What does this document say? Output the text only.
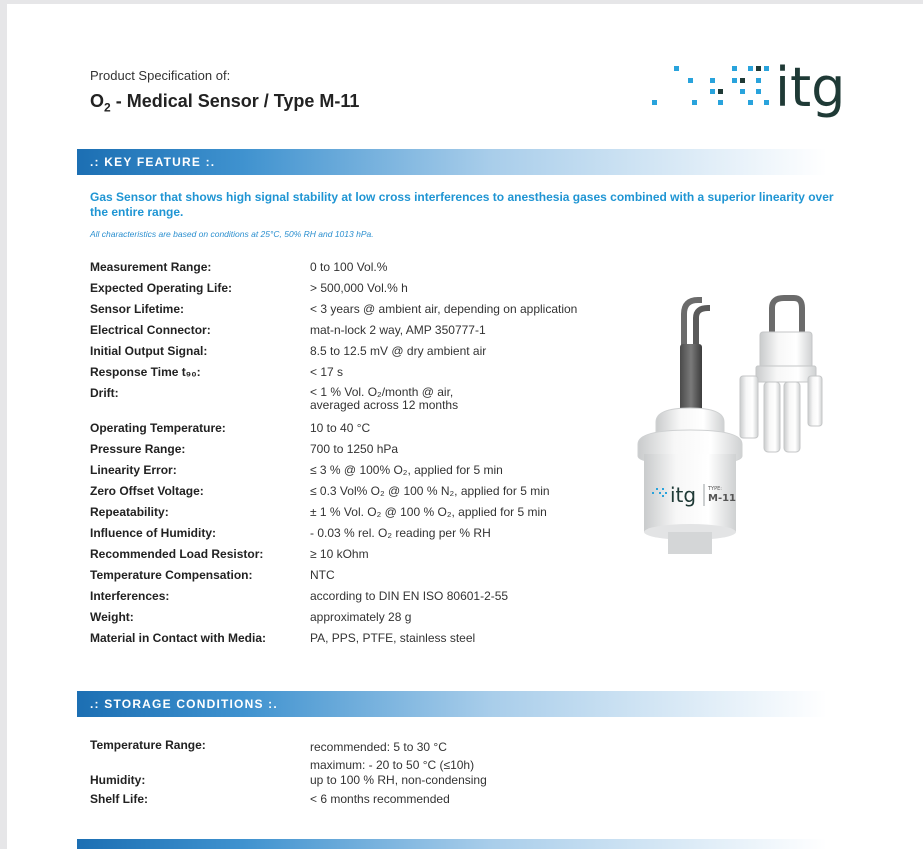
Product Specification of:
$O_2$ - Medical Sensor / Type M-11	itg
.: KEY FEATURE :.
Gas Sensor that shows high signal stability at low cross interferences to anesthesia gases combined with a superior linearity over the entire range.
All characteristics are based on conditions at 25°C, 50% RH and 1013 hPa.
Measurement Range:	0 to 100 Vol.%
Expected Operating Life:	> 500,000 Vol.% h
Sensor Lifetime:	< 3 years @ ambient air, depending on application
Electrical Connector:	mat-n-lock 2 way, AMP 350777-1
Initial Output Signal:	8.5 to 12.5 mV @ dry ambient air
Response Time t₉₀:	< 17 s
Drift:	< 1 % Vol. O₂/month @ air,
averaged across 12 months
Operating Temperature:	10 to 40 °C
Pressure Range:	700 to 1250 hPa
Linearity Error:	≤ 3 % @ 100% O₂, applied for 5 min
Zero Offset Voltage:	≤ 0.3 Vol% O₂ @ 100 % N₂, applied for 5 min
Repeatability:	± 1 % Vol. O₂ @ 100 % O₂, applied for 5 min
Influence of Humidity:	- 0.03 % rel. O₂ reading per % RH
Recommended Load Resistor:	≥ 10 kOhm
Temperature Compensation:	NTC
Interferences:	according to DIN EN ISO 80601-2-55
Weight:	approximately 28 g
Material in Contact with Media:	PA, PPS, PTFE, stainless steel
itg TYPE:
M-11
.: STORAGE CONDITIONS :.
Temperature Range:	recommended: 5 to 30 °C
maximum: - 20 to 50 °C (≤10h)
Humidity:	up to 100 % RH, non-condensing
Shelf Life:	< 6 months recommended
